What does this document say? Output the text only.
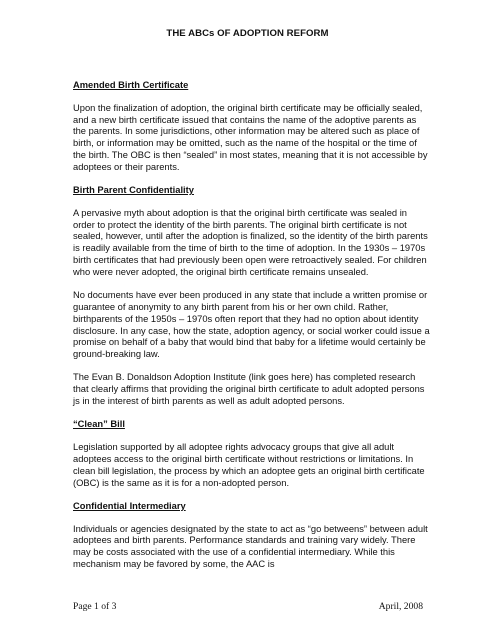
THE ABCs OF ADOPTION REFORM
Amended Birth Certificate

Upon the finalization of adoption, the original birth certificate may be officially sealed, and a new birth certificate issued that contains the name of the adoptive parents as the parents. In some jurisdictions, other information may be altered such as place of birth, or information may be omitted, such as the name of the hospital or the time of the birth. The OBC is then “sealed” in most states, meaning that it is not accessible by adoptees or their parents.

Birth Parent Confidentiality

A pervasive myth about adoption is that the original birth certificate was sealed in order to protect the identity of the birth parents. The original birth certificate is not sealed, however, until after the adoption is finalized, so the identity of the birth parents is readily available from the time of birth to the time of adoption. In the 1930s – 1970s birth certificates that had previously been open were retroactively sealed. For children who were never adopted, the original birth certificate remains unsealed.

No documents have ever been produced in any state that include a written promise or guarantee of anonymity to any birth parent from his or her own child. Rather, birthparents of the 1950s – 1970s often report that they had no option about identity disclosure. In any case, how the state, adoption agency, or social worker could issue a promise on behalf of a baby that would bind that baby for a lifetime would certainly be ground-breaking law.

The Evan B. Donaldson Adoption Institute (link goes here) has completed research that clearly affirms that providing the original birth certificate to adult adopted persons js in the interest of birth parents as well as adult adopted persons.

“Clean” Bill

Legislation supported by all adoptee rights advocacy groups that give all adult adoptees access to the original birth certificate without restrictions or limitations. In clean bill legislation, the process by which an adoptee gets an original birth certificate (OBC) is the same as it is for a non-adopted person.

Confidential Intermediary

Individuals or agencies designated by the state to act as “go betweens” between adult adoptees and birth parents. Performance standards and training vary widely. There may be costs associated with the use of a confidential intermediary. While this mechanism may be favored by some, the AAC is

Page 1 of 3	April, 2008
